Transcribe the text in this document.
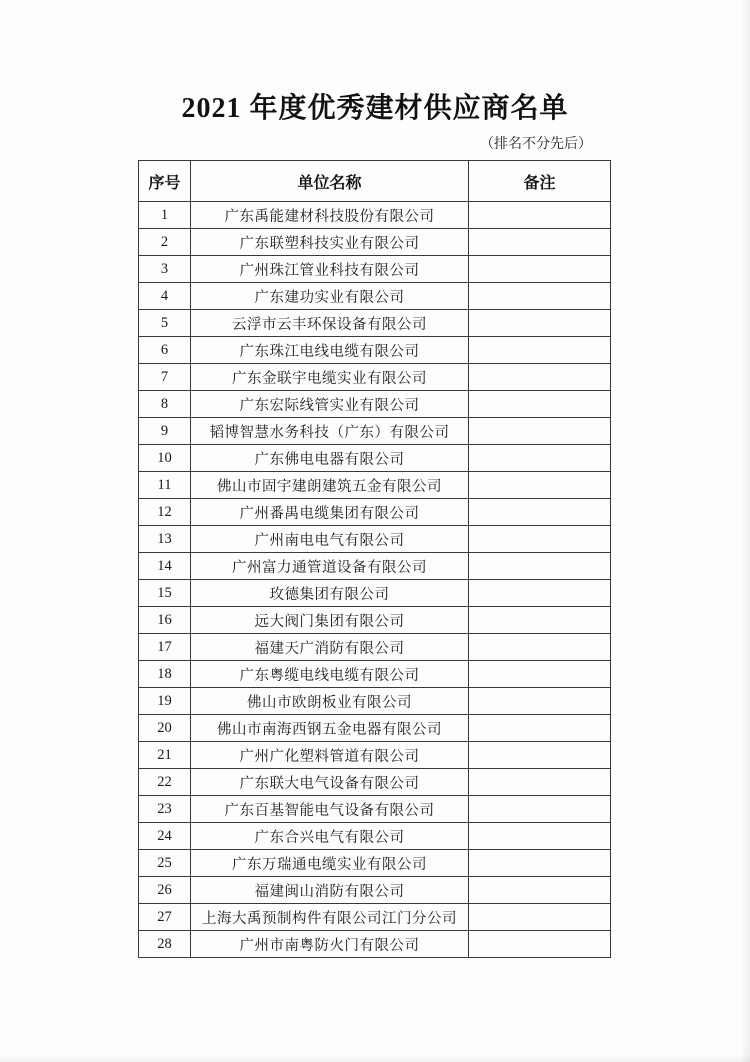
2021 年度优秀建材供应商名单
（排名不分先后）
序号	单位名称	备注
1	广东禹能建材科技股份有限公司	
2	广东联塑科技实业有限公司	
3	广州珠江管业科技有限公司	
4	广东建功实业有限公司	
5	云浮市云丰环保设备有限公司	
6	广东珠江电线电缆有限公司	
7	广东金联宇电缆实业有限公司	
8	广东宏际线管实业有限公司	
9	韬博智慧水务科技（广东）有限公司	
10	广东佛电电器有限公司	
11	佛山市固宇建朗建筑五金有限公司	
12	广州番禺电缆集团有限公司	
13	广州南电电气有限公司	
14	广州富力通管道设备有限公司	
15	玫德集团有限公司	
16	远大阀门集团有限公司	
17	福建天广消防有限公司	
18	广东粤缆电线电缆有限公司	
19	佛山市欧朗板业有限公司	
20	佛山市南海西钢五金电器有限公司	
21	广州广化塑料管道有限公司	
22	广东联大电气设备有限公司	
23	广东百基智能电气设备有限公司	
24	广东合兴电气有限公司	
25	广东万瑞通电缆实业有限公司	
26	福建闽山消防有限公司	
27	上海大禹预制构件有限公司江门分公司	
28	广州市南粤防火门有限公司	
